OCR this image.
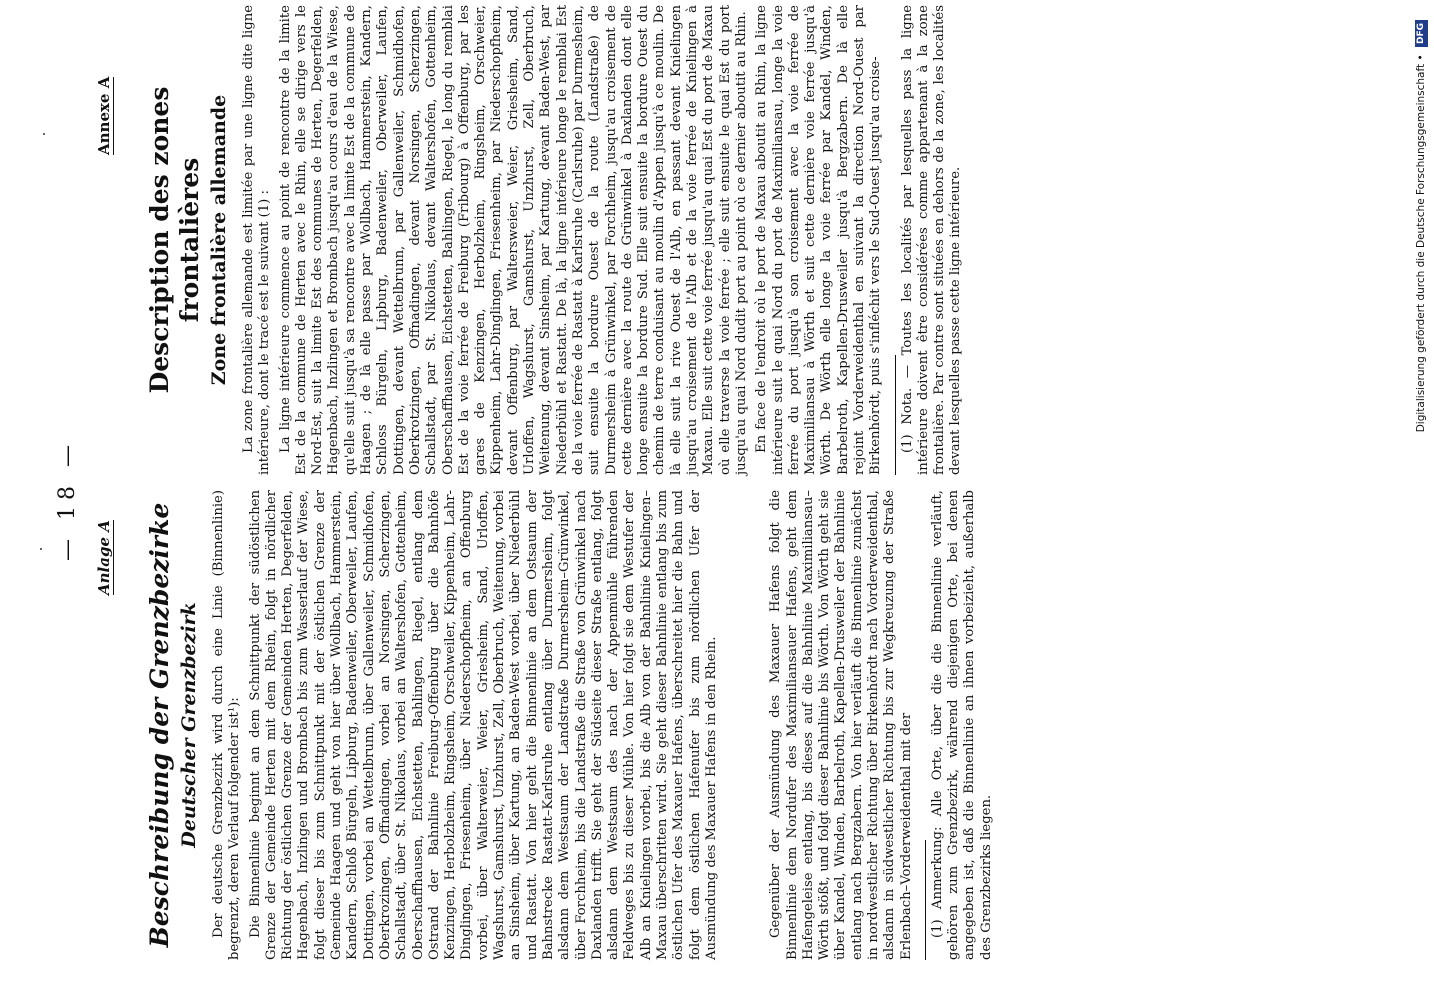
— 18 — Anlage A
Annexe A
Beschreibung der Grenzbezirke Deutscher Grenzbezirk Der deutsche Grenzbezirk wird durch eine Linie (Binnenlinie) begrenzt, deren Verlauf folgender ist¹): Die Binnenlinie beginnt an dem Schnittpunkt der südöstlichen Grenze der Gemeinde Herten mit dem Rhein, folgt in nördlicher Richtung der östlichen Grenze der Gemeinden Herten, Degerfelden, Hagenbach, Inzlingen und Brombach bis zum Wasserlauf der Wiese, folgt dieser bis zum Schnittpunkt mit der östlichen Grenze der Gemeinde Haagen und geht von hier über Wollbach, Hammerstein, Kandern, Schloß Bürgeln, Lipburg, Badenweiler, Oberweiler, Laufen, Dottingen, vorbei an Wettelbrunn, über Gallenweiler, Schmidhofen, Oberkrozingen, Offnadingen, vorbei an Norsingen, Scherzingen, Schallstadt, über St. Nikolaus, vorbei an Waltershofen, Gottenheim, Oberschaffhausen, Eichstetten, Bahlingen, Riegel, entlang dem Ostrand der Bahnlinie Freiburg-Offenburg über die Bahnhöfe Kenzingen, Herbolzheim, Ringsheim, Orschweiler, Kippenheim, Lahr-Dinglingen, Friesenheim, über Niederschopfheim, an Offenburg vorbei, über Walterweier, Weier, Griesheim, Sand, Urloffen, Wagshurst, Gamshurst, Unzhurst, Zell, Oberbruch, Weitenung, vorbei an Sinsheim, über Kartung, an Baden-West vorbei, über Niederbühl und Rastatt. Von hier geht die Binnenlinie an dem Ostsaum der Bahnstrecke Rastatt–Karlsruhe entlang über Durmersheim, folgt alsdann dem Westsaum der Landstraße Durmersheim–Grünwinkel, über Forchheim, bis die Landstraße die Straße von Grünwinkel nach Daxlanden trifft. Sie geht der Südseite dieser Straße entlang, folgt alsdann dem Westsaum des nach der Appenmühle führenden Feldweges bis zu dieser Mühle. Von hier folgt sie dem Westufer der Alb an Knielingen vorbei, bis die Alb von der Bahnlinie Knielingen–Maxau überschritten wird. Sie geht dieser Bahnlinie entlang bis zum östlichen Ufer des Maxauer Hafens, überschreitet hier die Bahn und folgt dem östlichen Hafenufer bis zum nördlichen Ufer der Ausmündung des Maxauer Hafens in den Rhein.	Gegenüber der Ausmündung des Maxauer Hafens folgt die Binnenlinie dem Nordufer des Maximiliansauer Hafens, geht dem Hafengeleise entlang, bis dieses auf die Bahnlinie Maximiliansau–Wörth stößt, und folgt dieser Bahnlinie bis Wörth. Von Wörth geht sie über Kandel, Winden, Barbelroth, Kapellen-Drusweiler der Bahnlinie entlang nach Bergzabern. Von hier verläuft die Binnenlinie zunächst in nordwestlicher Richtung über Birkenhördt nach Vorderweidenthal, alsdann in südwestlicher Richtung bis zur Wegkreuzung der Straße Erlenbach–Vorderweidenthal mit der (1) Anmerkung: Alle Orte, über die die Binnenlinie verläuft, gehören zum Grenzbezirk, während diejenigen Orte, bei denen angegeben ist, daß die Binnenlinie an ihnen vorbeizieht, außerhalb des Grenzbezirks liegen.

Description des zones frontalières Zone frontalière allemande La zone frontalière allemande est limitée par une ligne dite ligne intérieure, dont le tracé est le suivant (1) : La ligne intérieure commence au point de rencontre de la limite Est de la commune de Herten avec le Rhin, elle se dirige vers le Nord-Est, suit la limite Est des communes de Herten, Degerfelden, Hagenbach, Inzlingen et Brombach jusqu'au cours d'eau de la Wiese, qu'elle suit jusqu'à sa rencontre avec la limite Est de la commune de Haagen ; de là elle passe par Wollbach, Hammerstein, Kandern, Schloss Bürgeln, Lipburg, Badenweiler, Oberweiler, Laufen, Dottingen, devant Wettelbrunn, par Gallenweiler, Schmidhofen, Oberkrotzingen, Offnadingen, devant Norsingen, Scherzingen, Schallstadt, par St. Nikolaus, devant Waltershofen, Gottenheim, Oberschaffhausen, Eichstetten, Bahlingen, Riegel, le long du remblai Est de la voie ferrée de Freiburg (Fribourg) à Offenburg, par les gares de Kenzingen, Herbolzheim, Ringsheim, Orschweier, Kippenheim, Lahr-Dinglingen, Friesenheim, par Niederschopfheim, devant Offenburg, par Waltersweier, Weier, Griesheim, Sand, Urloffen, Wagshurst, Gamshurst, Unzhurst, Zell, Oberbruch, Weitenung, devant Sinsheim, par Kartung, devant Baden-West, par Niederbühl et Rastatt. De là, la ligne intérieure longe le remblai Est de la voie ferrée de Rastatt à Karlsruhe (Carlsruhe) par Durmesheim, suit ensuite la bordure Ouest de la route (Landstraße) de Durmersheim à Grünwinkel, par Forchheim, jusqu'au croisement de cette dernière avec la route de Grünwinkel à Daxlanden dont elle longe ensuite la bordure Sud. Elle suit ensuite la bordure Ouest du chemin de terre conduisant au moulin d'Appen jusqu'à ce moulin. De là elle suit la rive Ouest de l'Alb, en passant devant Knielingen jusqu'au croisement de l'Alb et de la voie ferrée de Knielingen à Maxau. Elle suit cette voie ferrée jusqu'au quai Est du port de Maxau où elle traverse la voie ferrée ; elle suit ensuite le quai Est du port jusqu'au quai Nord dudit port au point où ce dernier aboutit au Rhin. En face de l'endroit où le port de Maxau aboutit au Rhin, la ligne intérieure suit le quai Nord du port de Maximiliansau, longe la voie ferrée du port jusqu'à son croisement avec la voie ferrée de Maximiliansau à Wörth et suit cette dernière voie ferrée jusqu'à Wörth. De Wörth elle longe la voie ferrée par Kandel, Winden, Barbelroth, Kapellen-Drusweiler jusqu'à Bergzabern. De là elle rejoint Vorderweidenthal en suivant la direction Nord-Ouest par Birkenhördt, puis s'infléchit vers le Sud-Ouest jusqu'au croise- (1) Nota. — Toutes les localités par lesquelles pass la ligne intérieure doivent être considérées comme appartenant à la zone frontalière. Par contre sont situées en dehors de la zone, les localités devant lesquelles passe cette ligne intérieure.	Digitalisierung gefördert durch die Deutsche Forschungsgemeinschaft • DFG
